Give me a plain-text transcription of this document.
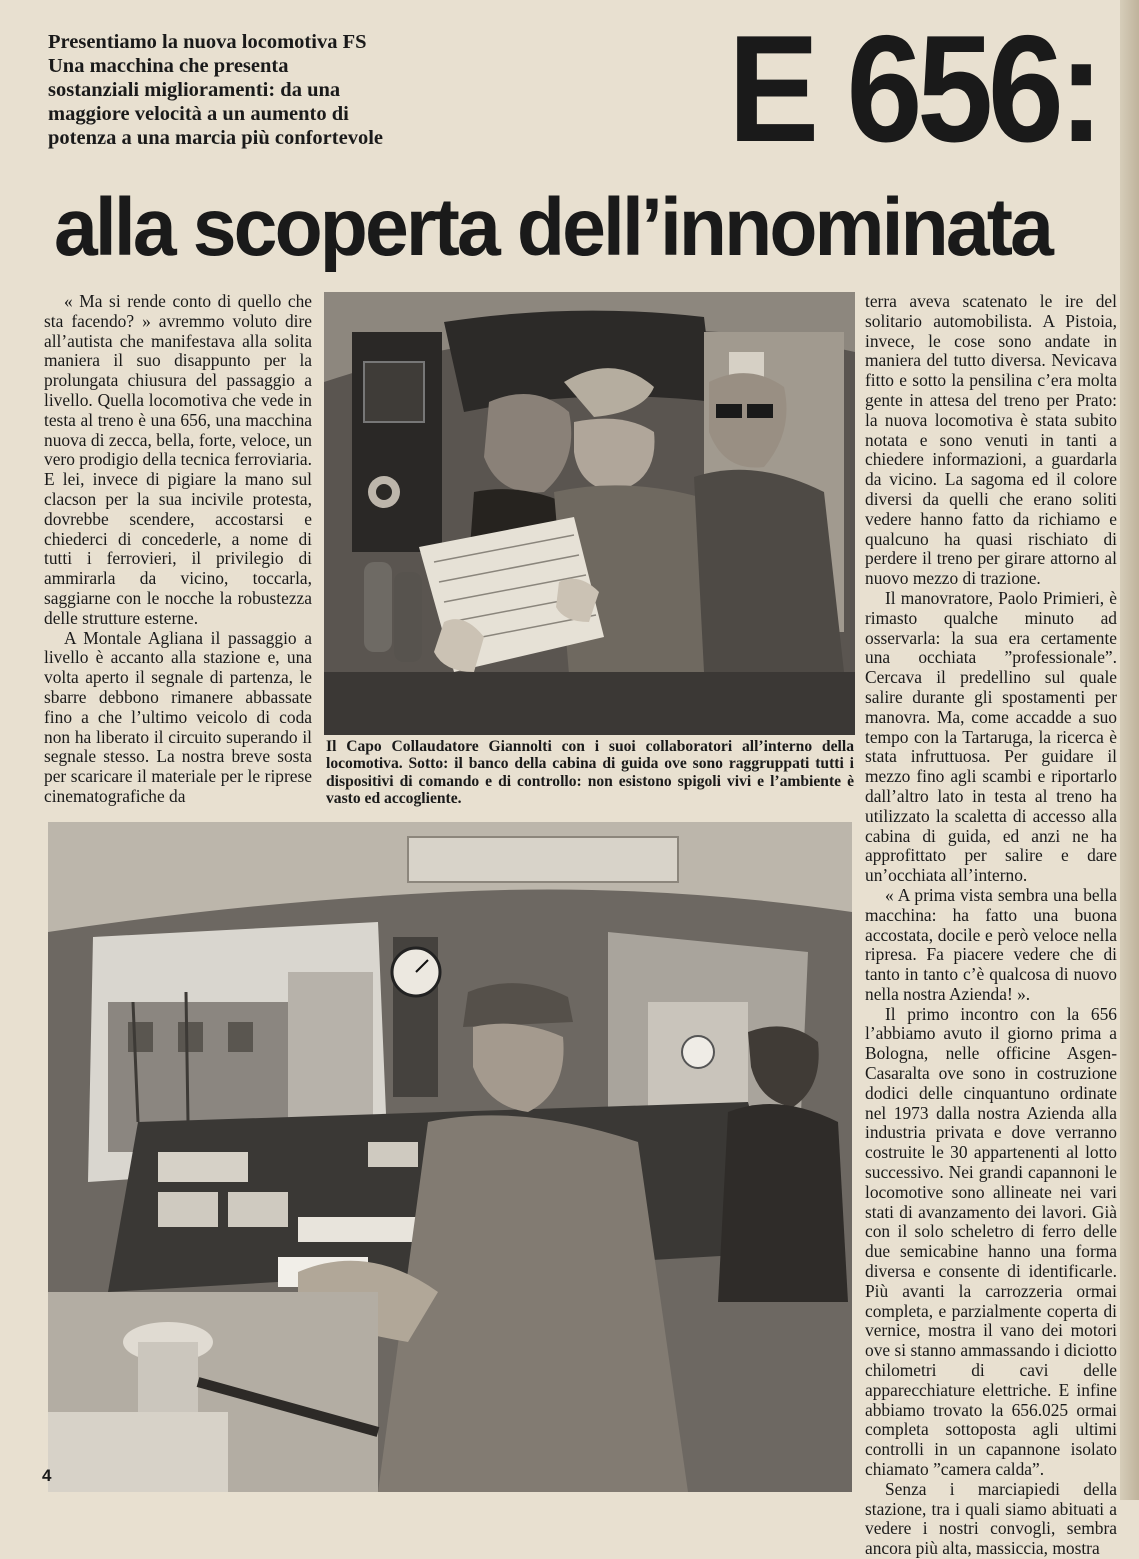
Presentiamo la nuova locomotiva FS
Una macchina che presenta
sostanziali miglioramenti: da una
maggiore velocità a un aumento di
potenza a una marcia più confortevole E 656:
alla scoperta dell’innominata

« Ma si rende conto di quello che sta facendo? » avremmo voluto dire all’autista che manifestava alla solita maniera il suo disappunto per la prolungata chiusura del passaggio a livello. Quella locomotiva che vede in testa al treno è una 656, una macchina nuova di zecca, bella, forte, veloce, un vero prodigio della tecnica ferroviaria. E lei, invece di pigiare la mano sul clacson per la sua incivile protesta, dovrebbe scendere, accostarsi e chiederci di concederle, a nome di tutti i ferrovieri, il privilegio di ammirarla da vicino, toccarla, saggiarne con le nocche la robustezza delle strutture esterne.

A Montale Agliana il passaggio a livello è accanto alla stazione e, una volta aperto il segnale di partenza, le sbarre debbono rimanere abbassate fino a che l’ultimo veicolo di coda non ha liberato il circuito superando il segnale stesso. La nostra breve sosta per scaricare il materiale per le riprese cinematografiche da

Il Capo Collaudatore Giannolti con i suoi collaboratori all’interno della locomotiva. Sotto: il banco della cabina di guida ove sono raggruppati tutti i dispositivi di comando e di controllo: non esistono spigoli vivi e l’ambiente è vasto ed accogliente.

terra aveva scatenato le ire del solitario automobilista. A Pistoia, invece, le cose sono andate in maniera del tutto diversa. Nevicava fitto e sotto la pensilina c’era molta gente in attesa del treno per Prato: la nuova locomotiva è stata subito notata e sono venuti in tanti a chiedere informazioni, a guardarla da vicino. La sagoma ed il colore diversi da quelli che erano soliti vedere hanno fatto da richiamo e qualcuno ha quasi rischiato di perdere il treno per girare attorno al nuovo mezzo di trazione.

Il manovratore, Paolo Primieri, è rimasto qualche minuto ad osservarla: la sua era certamente una occhiata ”professionale”. Cercava il predellino sul quale salire durante gli spostamenti per manovra. Ma, come accadde a suo tempo con la Tartaruga, la ricerca è stata infruttuosa. Per guidare il mezzo fino agli scambi e riportarlo dall’altro lato in testa al treno ha utilizzato la scaletta di accesso alla cabina di guida, ed anzi ne ha approfittato per salire e dare un’occhiata all’interno.

« A prima vista sembra una bella macchina: ha fatto una buona accostata, docile e però veloce nella ripresa. Fa piacere vedere che di tanto in tanto c’è qualcosa di nuovo nella nostra Azienda! ».

Il primo incontro con la 656 l’abbiamo avuto il giorno prima a Bologna, nelle officine Asgen-Casaralta ove sono in costruzione dodici delle cinquantuno ordinate nel 1973 dalla nostra Azienda alla industria privata e dove verranno costruite le 30 appartenenti al lotto successivo. Nei grandi capannoni le locomotive sono allineate nei vari stati di avanzamento dei lavori. Già con il solo scheletro di ferro delle due semicabine hanno una forma diversa e consente di identificarle. Più avanti la carrozzeria ormai completa, e parzialmente coperta di vernice, mostra il vano dei motori ove si stanno ammassando i diciotto chilometri di cavi delle apparecchiature elettriche. E infine abbiamo trovato la 656.025 ormai completa sottoposta agli ultimi controlli in un capannone isolato chiamato ”camera calda”.

Senza i marciapiedi della stazione, tra i quali siamo abituati a vedere i nostri convogli, sembra ancora più alta, massiccia, mostra

4
